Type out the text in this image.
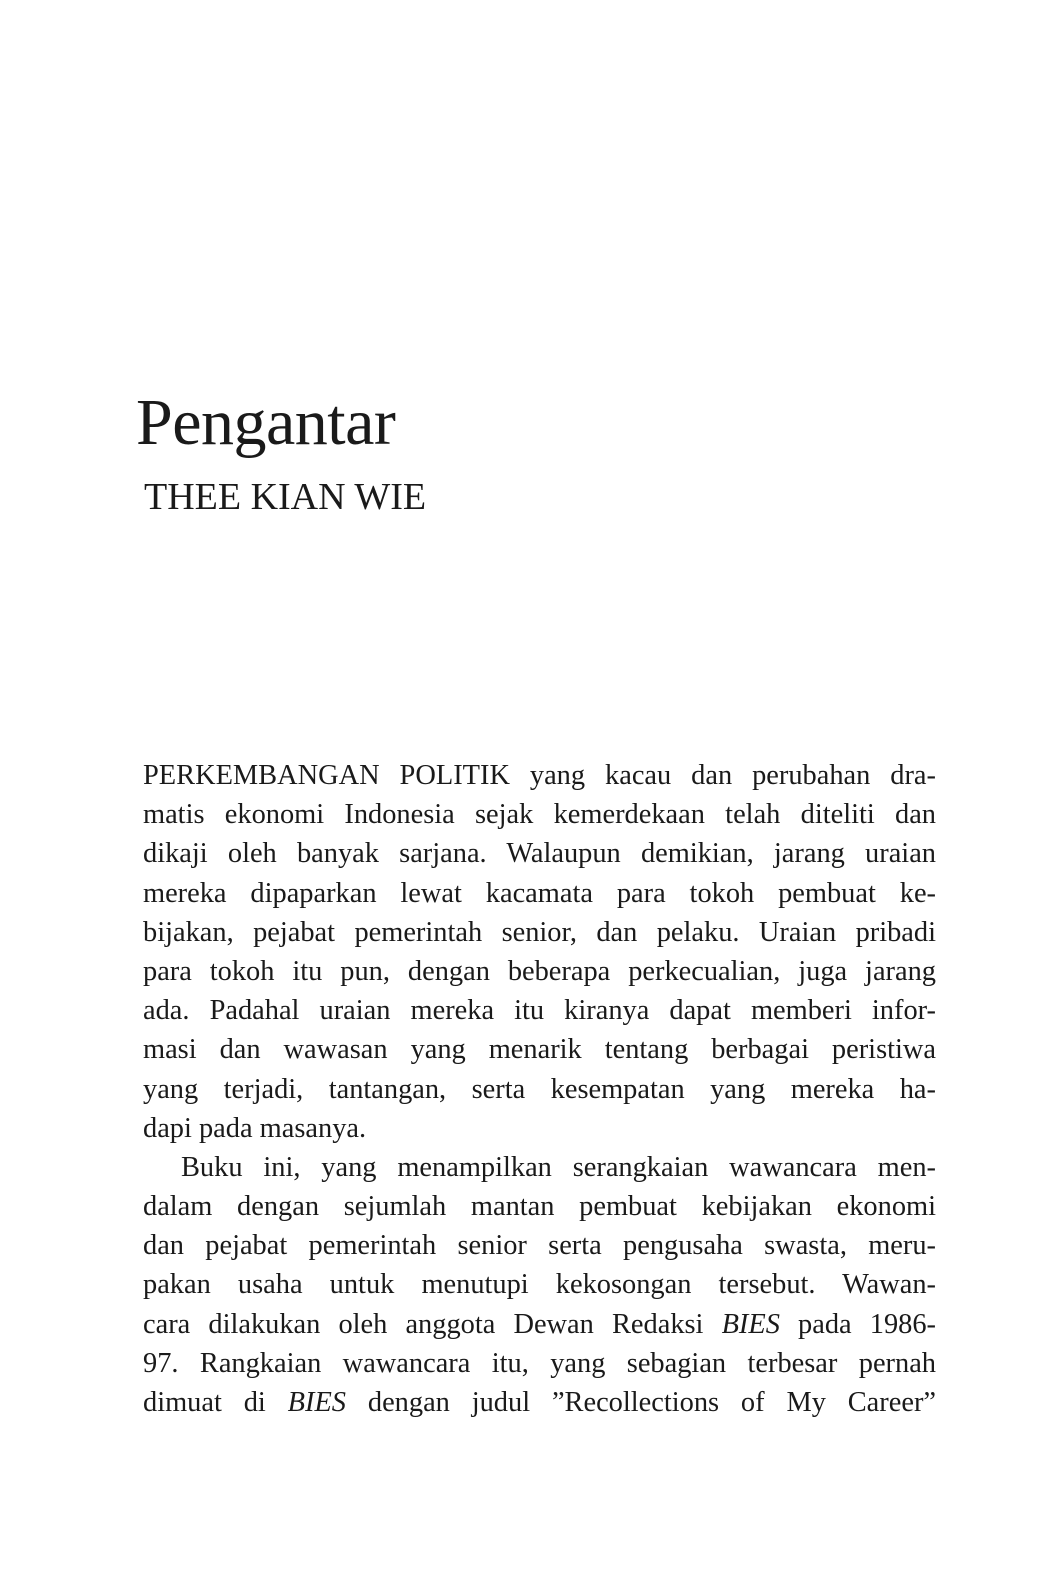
Pengantar
THEE KIAN WIE
PERKEMBANGAN POLITIK yang kacau dan perubahan dra-
matis ekonomi Indonesia sejak kemerdekaan telah diteliti dan
dikaji oleh banyak sarjana. Walaupun demikian, jarang uraian
mereka dipaparkan lewat kacamata para tokoh pembuat ke-
bijakan, pejabat pemerintah senior, dan pelaku. Uraian pribadi
para tokoh itu pun, dengan beberapa perkecualian, juga jarang
ada. Padahal uraian mereka itu kiranya dapat memberi infor-
masi dan wawasan yang menarik tentang berbagai peristiwa
yang terjadi, tantangan, serta kesempatan yang mereka ha-
dapi pada masanya.
Buku ini, yang menampilkan serangkaian wawancara men-
dalam dengan sejumlah mantan pembuat kebijakan ekonomi
dan pejabat pemerintah senior serta pengusaha swasta, meru-
pakan usaha untuk menutupi kekosongan tersebut. Wawan-
cara dilakukan oleh anggota Dewan Redaksi BIES pada 1986-
97. Rangkaian wawancara itu, yang sebagian terbesar pernah
dimuat di BIES dengan judul ”Recollections of My Career”
